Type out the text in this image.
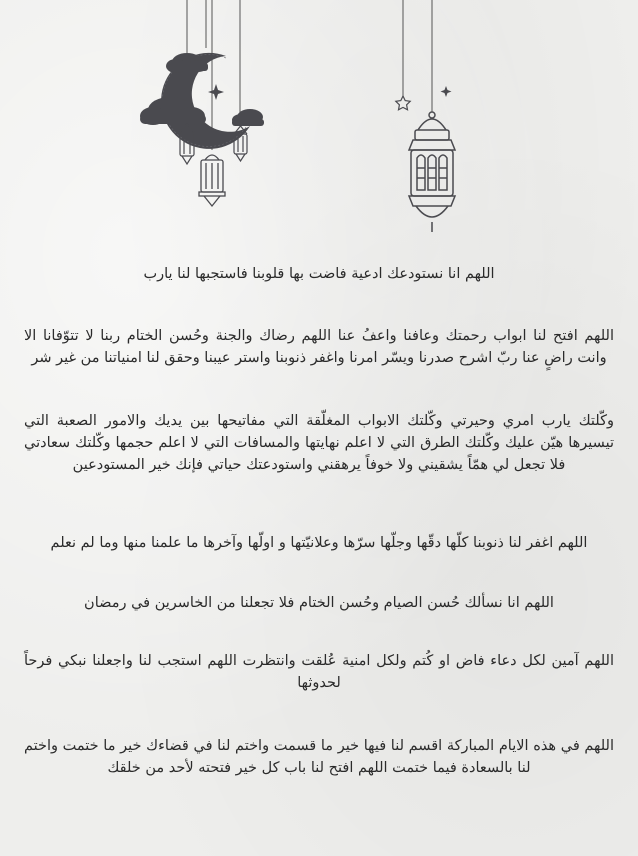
اللهم انا نستودعك ادعية فاضت بها قلوبنا فاستجبها لنا يارب

اللهم افتح لنا ابواب رحمتك وعافنا واعفُ عنا اللهم رضاك والجنة وحُسن الختام ربنا لا تتوّفانا الا وانت راضٍ عنا ربّ اشرح صدرنا ويسّر امرنا واغفر ذنوبنا واستر عيبنا وحقق لنا امنياتنا من غير شر

وكّلتك يارب امري وحيرتي وكّلتك الابواب المغلّقة التي مفاتيحها بين يديك والامور الصعبة التي تيسيرها هيّن عليك وكّلتك الطرق التي لا اعلم نهايتها والمسافات التي لا اعلم حجمها وكّلتك سعادتي فلا تجعل لي همّاً يشقيني ولا خوفاً يرهقني واستودعتك حياتي فإنك خير المستودعين

اللهم اغفر لنا ذنوبنا كلّها دقّها وجلّها سرّها وعلانيّتها و اولّها وآخرها ما علمنا منها وما لم نعلم

اللهم انا نسألك حُسن الصيام وحُسن الختام فلا تجعلنا من الخاسرين في رمضان

اللهم آمين لكل دعاء فاض او كُتم ولكل امنية عُلقت وانتظرت اللهم استجب لنا واجعلنا نبكي فرحاً لحدوثها

اللهم في هذه الايام المباركة اقسم لنا فيها خير ما قسمت واختم لنا في قضاءك خير ما ختمت واختم لنا بالسعادة فيما ختمت اللهم افتح لنا باب كل خير فتحته لأحد من خلقك
